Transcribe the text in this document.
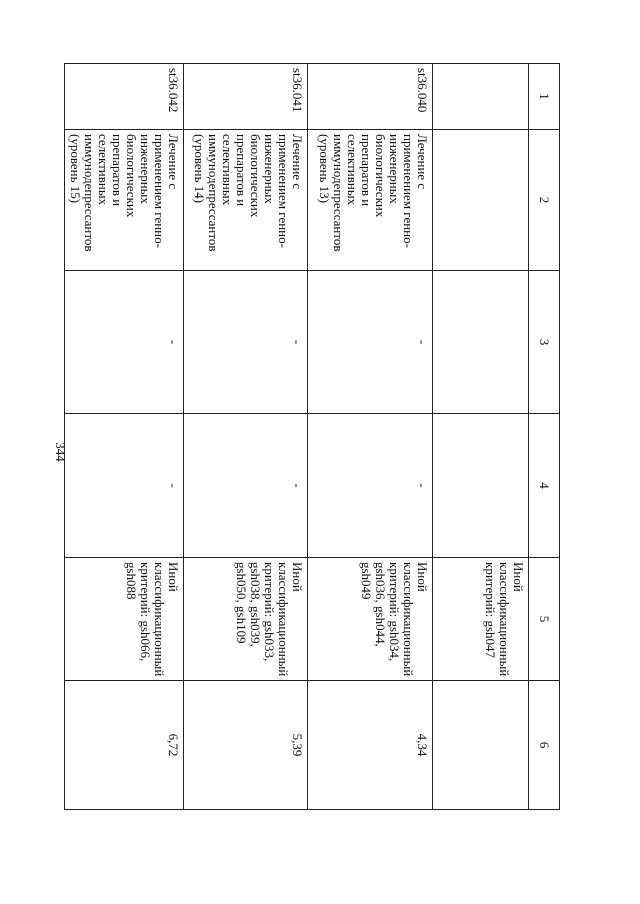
344
1	2	3	4	5	6
				Иной классификационный критерий: gsh047	
st36.040	Лечение с применением генно-инженерных биологических препаратов и селективных иммунодепрессантов (уровень 13)	-	-	Иной классификационный критерий: gsh034, gsh036, gsh044, gsh049	4,34
st36.041	Лечение с применением генно-инженерных биологических препаратов и селективных иммунодепрессантов (уровень 14)	-	-	Иной классификационный критерий: gsh033, gsh038, gsh039, gsh050, gsh109	5,39
st36.042	Лечение с применением генно-инженерных биологических препаратов и селективных иммунодепрессантов (уровень 15)	-	-	Иной классификационный критерий: gsh066, gsh088	6,72
